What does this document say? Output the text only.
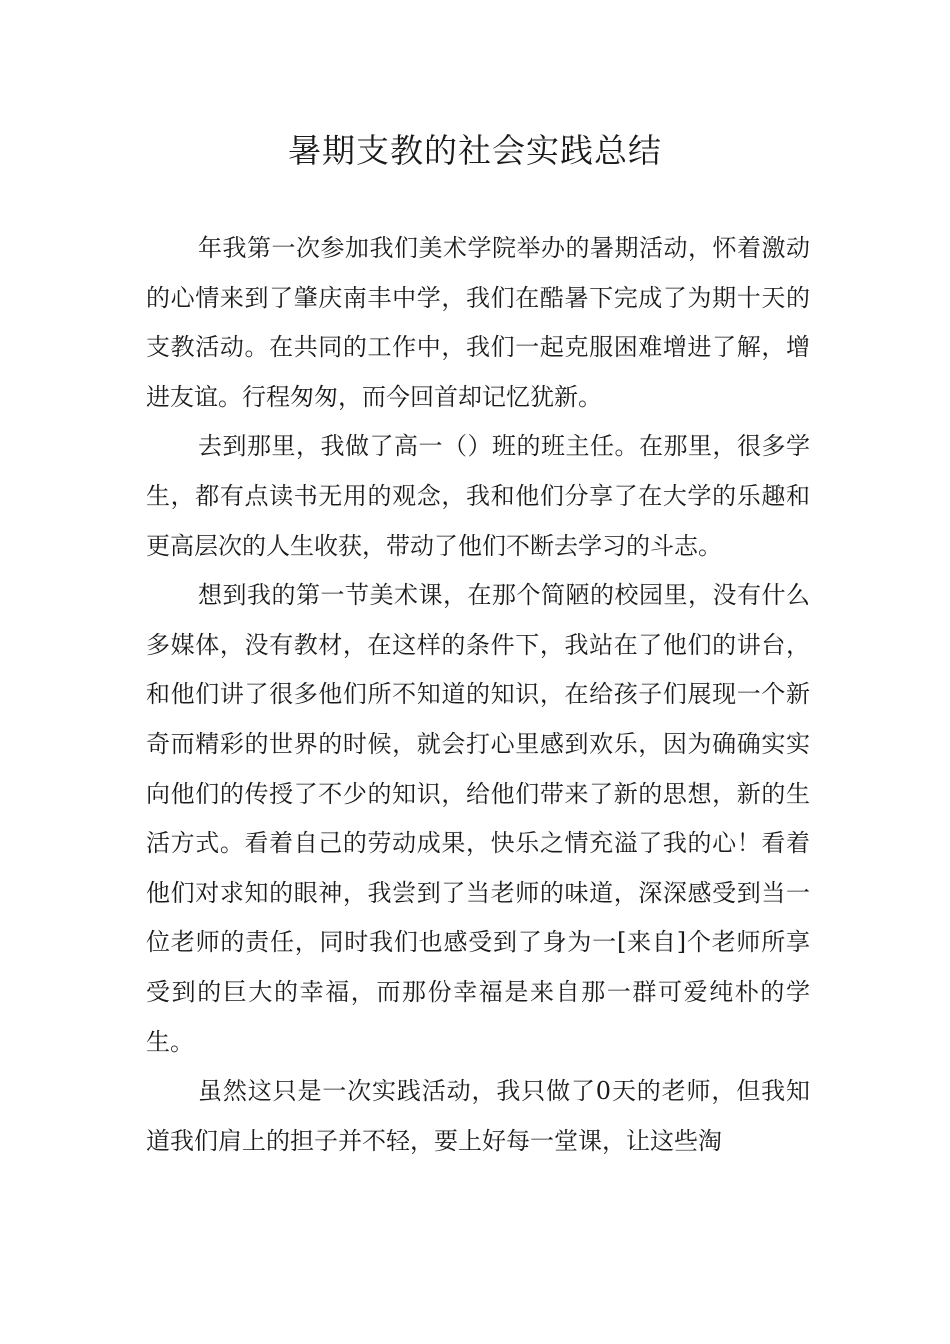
暑期支教的社会实践总结

年我第一次参加我们美术学院举办的暑期活动，怀着激动的心情来到了肇庆南丰中学，我们在酷暑下完成了为期十天的支教活动。在共同的工作中，我们一起克服困难增进了解，增进友谊。行程匆匆，而今回首却记忆犹新。

去到那里，我做了高一（）班的班主任。在那里，很多学生，都有点读书无用的观念，我和他们分享了在大学的乐趣和更高层次的人生收获，带动了他们不断去学习的斗志。

想到我的第一节美术课，在那个简陋的校园里，没有什么多媒体，没有教材，在这样的条件下，我站在了他们的讲台，和他们讲了很多他们所不知道的知识，在给孩子们展现一个新奇而精彩的世界的时候，就会打心里感到欢乐，因为确确实实向他们的传授了不少的知识，给他们带来了新的思想，新的生活方式。看着自己的劳动成果，快乐之情充溢了我的心！看着他们对求知的眼神，我尝到了当老师的味道，深深感受到当一位老师的责任，同时我们也感受到了身为一[来自]个老师所享受到的巨大的幸福，而那份幸福是来自那一群可爱纯朴的学生。

虽然这只是一次实践活动，我只做了0天的老师，但我知道我们肩上的担子并不轻，要上好每一堂课，让这些淘
